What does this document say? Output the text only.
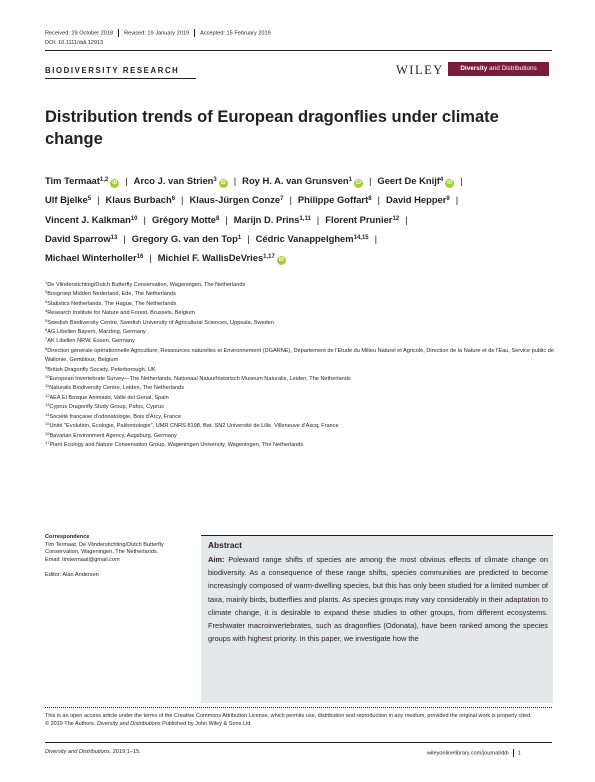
Received: 29 October 2018 Revised: 19 January 2019 Accepted: 15 February 2019
DOI: 10.1111/ddi.12913
BIODIVERSITY RESEARCH	WILEY	Diversity and Distributions
Distribution trends of European dragonflies under climate change
Tim Termaat$^{1,2}$ iD | Arco J. van Strien$^3$ iD | Roy H. A. van Grunsven$^1$ iD | Geert De Knijf$^4$ iD |
Ulf Bjelke$^5$ | Klaus Burbach$^6$ | Klaus-Jürgen Conze$^7$ | Philippe Goffart$^8$ | David Hepper$^9$ |
Vincent J. Kalkman$^{10}$ | Grégory Motte$^8$ | Marijn D. Prins$^{1,11}$ | Florent Prunier$^{12}$ |
David Sparrow$^{13}$ | Gregory G. van den Top$^1$ | Cédric Vanappelghem$^{14,15}$ |
Michael Winterholler$^{16}$ | Michiel F. WallisDeVries$^{1,17}$ iD
$^1$De Vlinderstichting/Dutch Butterfly Conservation, Wageningen, The Netherlands
$^2$Bosgroep Midden Nederland, Ede, The Netherlands
$^3$Statistics Netherlands, The Hague, The Netherlands
$^4$Research Institute for Nature and Forest, Brussels, Belgium
$^5$Swedish Biodiversity Centre, Swedish University of Agricultural Sciences, Uppsala, Sweden
$^6$AG Libellen Bayern, Marzling, Germany
$^7$AK Libellen NRW, Essen, Germany
$^8$Direction générale opérationnelle Agriculture, Ressources naturelles et Environnement (DGARNE), Département de l'Etude du Milieu Naturel et Agricole, Direction de la Nature et de l'Eau, Service public de Wallonie, Gembloux, Belgium
$^9$British Dragonfly Society, Peterborough, UK
$^{10}$European Invertebrate Survey—The Netherlands, Nationaal Natuurhistorisch Museum Naturalis, Leiden, The Netherlands
$^{11}$Naturalis Biodiversity Centre, Leiden, The Netherlands
$^{12}$AEA El Bosque Animado, Valle del Genal, Spain
$^{13}$Cyprus Dragonfly Study Group, Pafos, Cyprus
$^{14}$Société française d'odonatologie, Bois d'Arcy, France
$^{15}$Unité "Evolution, Ecologie, Paléontologie", UMR CNRS 8198, Bat. SN2 Université de Lille, Villeneuve d'Ascq, France
$^{16}$Bavarian Environment Agency, Augsburg, Germany
$^{17}$Plant Ecology and Nature Conservation Group, Wageningen University, Wageningen, The Netherlands
Correspondence
Tim Termaat, De Vlinderstichting/Dutch Butterfly Conservation, Wageningen, The Netherlands.
Email: timtermaat@gmail.com
Editor: Alan Andersen
Abstract
Aim: Poleward range shifts of species are among the most obvious effects of climate change on biodiversity. As a consequence of these range shifts, species communities are predicted to become increasingly composed of warm-dwelling species, but this has only been studied for a limited number of taxa, mainly birds, butterflies and plants. As species groups may vary considerably in their adaptation to climate change, it is desirable to expand these studies to other groups, from different ecosystems. Freshwater macroinvertebrates, such as dragonflies (Odonata), have been ranked among the species groups with highest priority. In this paper, we investigate how the
This is an open access article under the terms of the Creative Commons Attribution License, which permits use, distribution and reproduction in any medium, provided the original work is properly cited.
© 2019 The Authors. Diversity and Distributions Published by John Wiley & Sons Ltd
Diversity and Distributions. 2019;1–15.	wileyonlinelibrary.com/journal/ddi 1
